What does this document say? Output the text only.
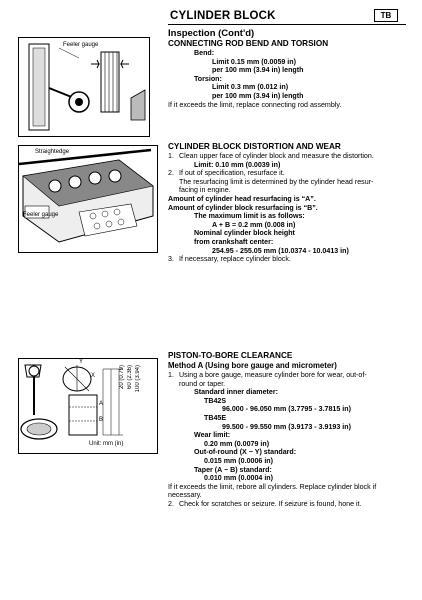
CYLINDER BLOCK	TB
Feeler gauge
Straightedge
Feeler gauge
X
Y
A
B
20 (0.79) 60 (2.36) 100 (3.94)
Unit: mm (in)

Inspection (Cont'd)

CONNECTING ROD BEND AND TORSION

Bend:

Limit 0.15 mm (0.0059 in)

per 100 mm (3.94 in) length

Torsion:

Limit 0.3 mm (0.012 in)

per 100 mm (3.94 in) length

If it exceeds the limit, replace connecting rod assembly.

CYLINDER BLOCK DISTORTION AND WEAR

1. Clean upper face of cylinder block and measure the distortion.

Limit: 0.10 mm (0.0039 in)

2. If out of specification, resurface it.

The resurfacing limit is determined by the cylinder head resur-

facing in engine.

Amount of cylinder head resurfacing is “A”.

Amount of cylinder block resurfacing is “B”.

The maximum limit is as follows:

A + B = 0.2 mm (0.008 in)

Nominal cylinder block height

from crankshaft center:

254.95 - 255.05 mm (10.0374 - 10.0413 in)

3. If necessary, replace cylinder block.

PISTON-TO-BORE CLEARANCE

Method A (Using bore gauge and micrometer)

1. Using a bore gauge, measure cylinder bore for wear, out-of-

round or taper.

Standard inner diameter:

TB42S

96.000 - 96.050 mm (3.7795 - 3.7815 in)

TB45E

99.500 - 99.550 mm (3.9173 - 3.9193 in)

Wear limit:

0.20 mm (0.0079 in)

Out-of-round (X − Y) standard:

0.015 mm (0.0006 in)

Taper (A − B) standard:

0.010 mm (0.0004 in)

If it exceeds the limit, rebore all cylinders. Replace cylinder block if

necessary.

2. Check for scratches or seizure. If seizure is found, hone it.
